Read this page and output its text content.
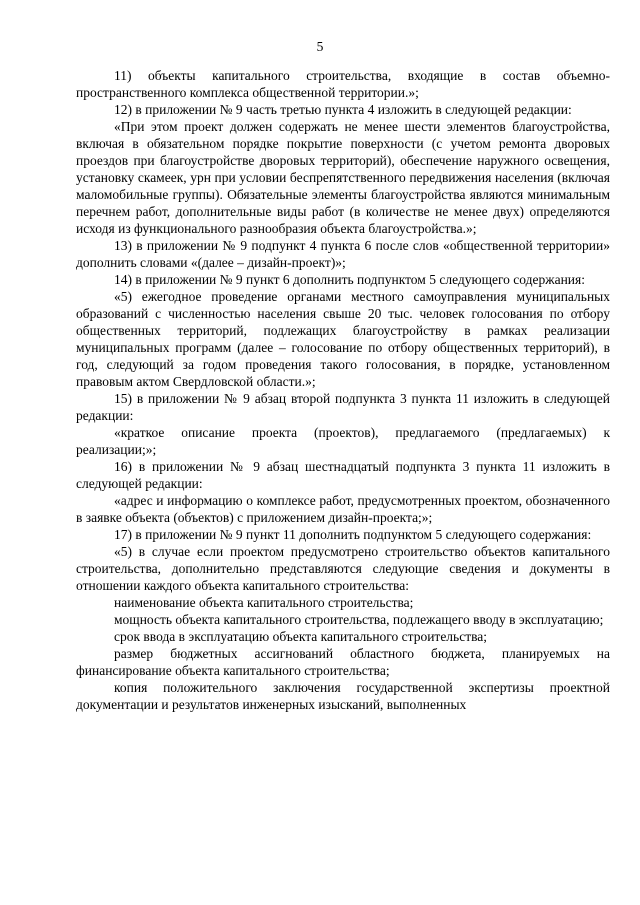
5

11) объекты капитального строительства, входящие в состав объемно-пространственного комплекса общественной территории.»;

12) в приложении № 9 часть третью пункта 4 изложить в следующей редакции:

«При этом проект должен содержать не менее шести элементов благоустройства, включая в обязательном порядке покрытие поверхности (с учетом ремонта дворовых проездов при благоустройстве дворовых территорий), обеспечение наружного освещения, установку скамеек, урн при условии беспрепятственного передвижения населения (включая маломобильные группы). Обязательные элементы благоустройства являются минимальным перечнем работ, дополнительные виды работ (в количестве не менее двух) определяются исходя из функционального разнообразия объекта благоустройства.»;

13) в приложении № 9 подпункт 4 пункта 6 после слов «общественной территории» дополнить словами «(далее – дизайн-проект)»;

14) в приложении № 9 пункт 6 дополнить подпунктом 5 следующего содержания:

«5) ежегодное проведение органами местного самоуправления муниципальных образований с численностью населения свыше 20 тыс. человек голосования по отбору общественных территорий, подлежащих благоустройству в рамках реализации муниципальных программ (далее – голосование по отбору общественных территорий), в год, следующий за годом проведения такого голосования, в порядке, установленном правовым актом Свердловской области.»;

15) в приложении № 9 абзац второй подпункта 3 пункта 11 изложить в следующей редакции:

«краткое описание проекта (проектов), предлагаемого (предлагаемых) к реализации;»;

16) в приложении № 9 абзац шестнадцатый подпункта 3 пункта 11 изложить в следующей редакции:

«адрес и информацию о комплексе работ, предусмотренных проектом, обозначенного в заявке объекта (объектов) с приложением дизайн-проекта;»;

17) в приложении № 9 пункт 11 дополнить подпунктом 5 следующего содержания:

«5) в случае если проектом предусмотрено строительство объектов капитального строительства, дополнительно представляются следующие сведения и документы в отношении каждого объекта капитального строительства:

наименование объекта капитального строительства;

мощность объекта капитального строительства, подлежащего вводу в эксплуатацию;

срок ввода в эксплуатацию объекта капитального строительства;

размер бюджетных ассигнований областного бюджета, планируемых на финансирование объекта капитального строительства;

копия положительного заключения государственной экспертизы проектной документации и результатов инженерных изысканий, выполненных
